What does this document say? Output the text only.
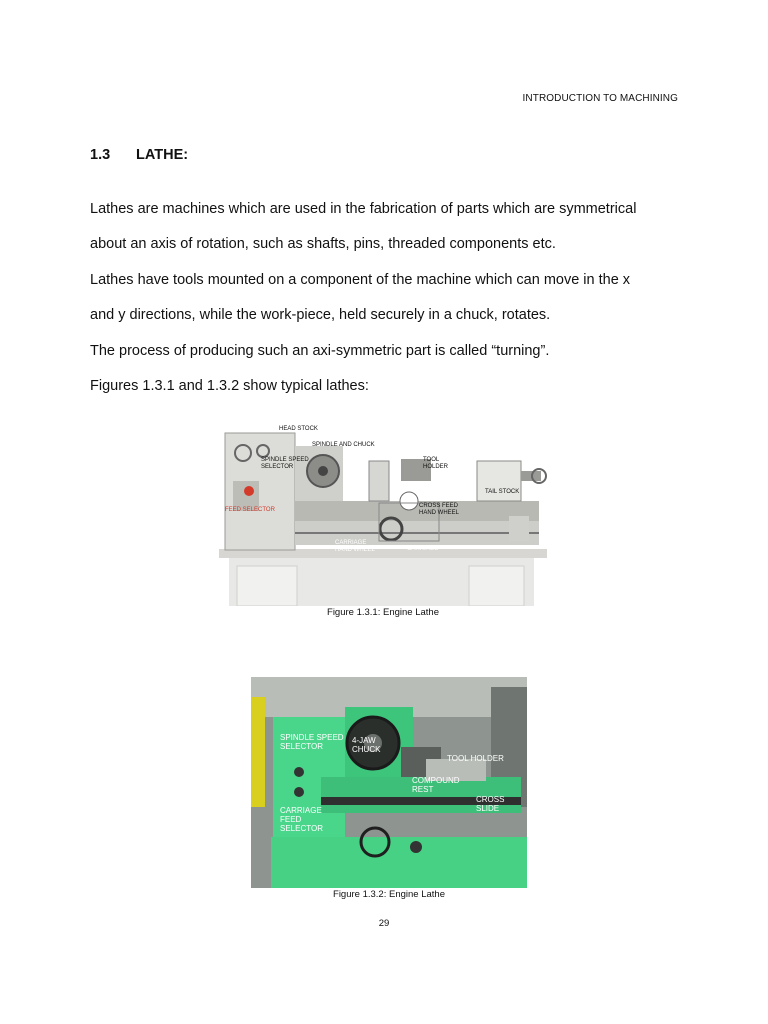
INTRODUCTION TO MACHINING
1.3 LATHE:
Lathes are machines which are used in the fabrication of parts which are symmetrical
about an axis of rotation, such as shafts, pins, threaded components etc.
Lathes have tools mounted on a component of the machine which can move in the x
and y directions, while the work-piece, held securely in a chuck, rotates.
The process of producing such an axi-symmetric part is called “turning”.
Figures 1.3.1 and 1.3.2 show typical lathes:
HEAD STOCK
SPINDLE AND CHUCK
SPINDLE SPEED
SELECTOR
TOOL
HOLDER
TAIL STOCK
FEED SELECTOR
CROSS FEED
HAND WHEEL
CARRIAGE
HAND WHEEL	CARRIAGE
Figure 1.3.1: Engine Lathe
SPINDLE SPEED
SELECTOR
4-JAW
CHUCK
TOOL HOLDER
COMPOUND
REST
CROSS
SLIDE
CARRIAGE
FEED
SELECTOR
Figure 1.3.2: Engine Lathe
29
